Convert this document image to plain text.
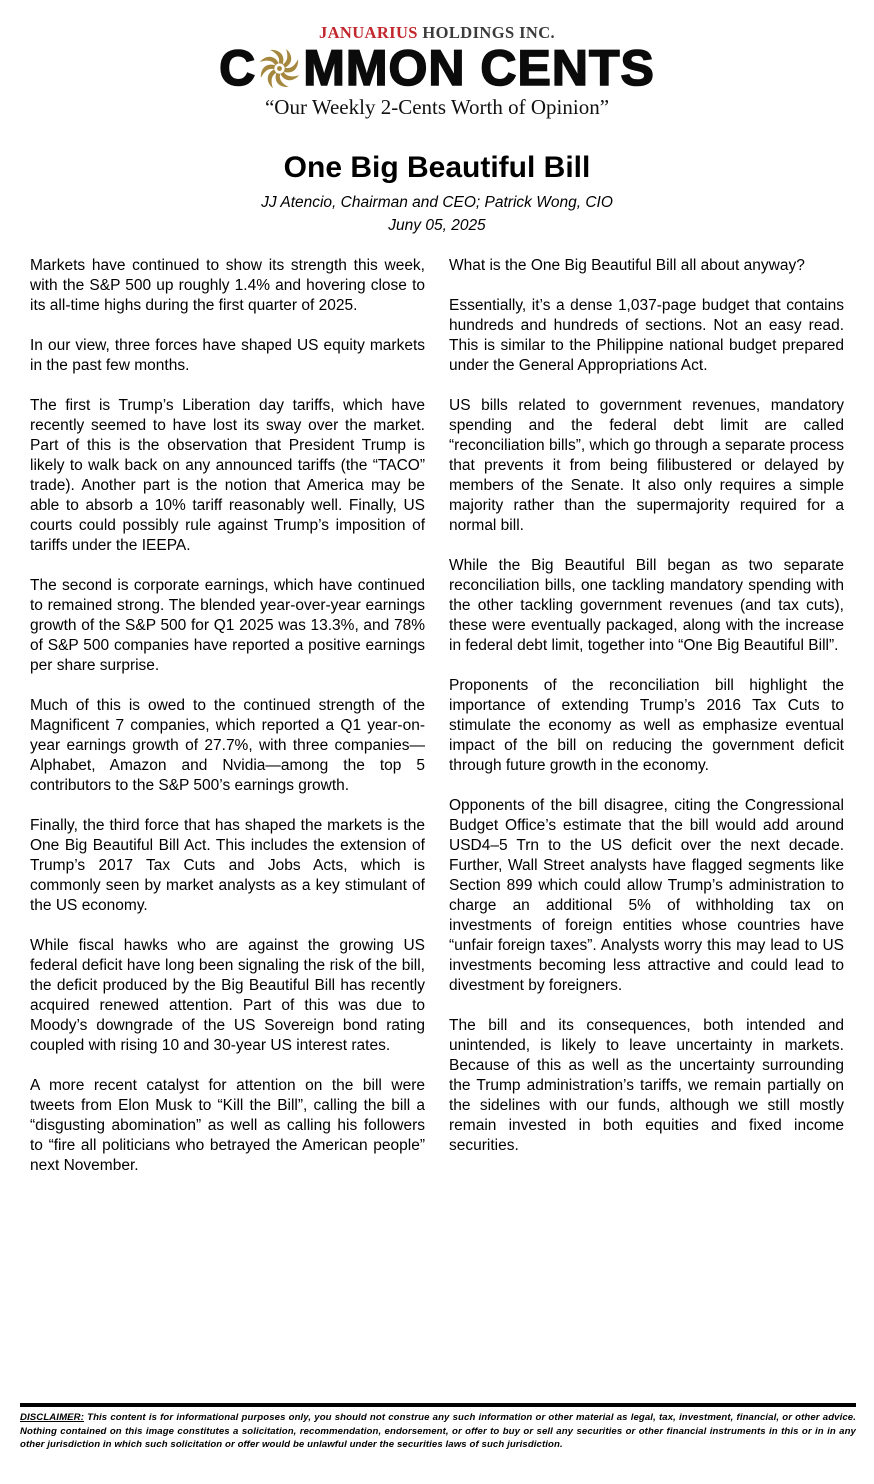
JANUARIUS HOLDINGS INC.
C MMON CENTS
“Our Weekly 2-Cents Worth of Opinion”
One Big Beautiful Bill
JJ Atencio, Chairman and CEO; Patrick Wong, CIO
Juny 05, 2025

Markets have continued to show its strength this week, with the S&P 500 up roughly 1.4% and hovering close to its all-time highs during the first quarter of 2025.

In our view, three forces have shaped US equity markets in the past few months.

The first is Trump’s Liberation day tariffs, which have recently seemed to have lost its sway over the market. Part of this is the observation that President Trump is likely to walk back on any announced tariffs (the “TACO” trade). Another part is the notion that America may be able to absorb a 10% tariff reasonably well. Finally, US courts could possibly rule against Trump’s imposition of tariffs under the IEEPA.

The second is corporate earnings, which have continued to remained strong. The blended year-over-year earnings growth of the S&P 500 for Q1 2025 was 13.3%, and 78% of S&P 500 companies have reported a positive earnings per share surprise.

Much of this is owed to the continued strength of the Magnificent 7 companies, which reported a Q1 year-on-year earnings growth of 27.7%, with three companies—Alphabet, Amazon and Nvidia—among the top 5 contributors to the S&P 500’s earnings growth.

Finally, the third force that has shaped the markets is the One Big Beautiful Bill Act. This includes the extension of Trump’s 2017 Tax Cuts and Jobs Acts, which is commonly seen by market analysts as a key stimulant of the US economy.

While fiscal hawks who are against the growing US federal deficit have long been signaling the risk of the bill, the deficit produced by the Big Beautiful Bill has recently acquired renewed attention. Part of this was due to Moody’s downgrade of the US Sovereign bond rating coupled with rising 10 and 30-year US interest rates.

A more recent catalyst for attention on the bill were tweets from Elon Musk to “Kill the Bill”, calling the bill a “disgusting abomination” as well as calling his followers to “fire all politicians who betrayed the American people” next November.

What is the One Big Beautiful Bill all about anyway?

Essentially, it’s a dense 1,037-page budget that contains hundreds and hundreds of sections. Not an easy read. This is similar to the Philippine national budget prepared under the General Appropriations Act.

US bills related to government revenues, mandatory spending and the federal debt limit are called “reconciliation bills”, which go through a separate process that prevents it from being filibustered or delayed by members of the Senate. It also only requires a simple majority rather than the supermajority required for a normal bill.

While the Big Beautiful Bill began as two separate reconciliation bills, one tackling mandatory spending with the other tackling government revenues (and tax cuts), these were eventually packaged, along with the increase in federal debt limit, together into “One Big Beautiful Bill”.

Proponents of the reconciliation bill highlight the importance of extending Trump’s 2016 Tax Cuts to stimulate the economy as well as emphasize eventual impact of the bill on reducing the government deficit through future growth in the economy.

Opponents of the bill disagree, citing the Congressional Budget Office’s estimate that the bill would add around USD4–5 Trn to the US deficit over the next decade. Further, Wall Street analysts have flagged segments like Section 899 which could allow Trump’s administration to charge an additional 5% of withholding tax on investments of foreign entities whose countries have “unfair foreign taxes”. Analysts worry this may lead to US investments becoming less attractive and could lead to divestment by foreigners.

The bill and its consequences, both intended and unintended, is likely to leave uncertainty in markets. Because of this as well as the uncertainty surrounding the Trump administration’s tariffs, we remain partially on the sidelines with our funds, although we still mostly remain invested in both equities and fixed income securities.

DISCLAIMER: This content is for informational purposes only, you should not construe any such information or other material as legal, tax, investment, financial, or other advice. Nothing contained on this image constitutes a solicitation, recommendation, endorsement, or offer to buy or sell any securities or other financial instruments in this or in in any other jurisdiction in which such solicitation or offer would be unlawful under the securities laws of such jurisdiction.
